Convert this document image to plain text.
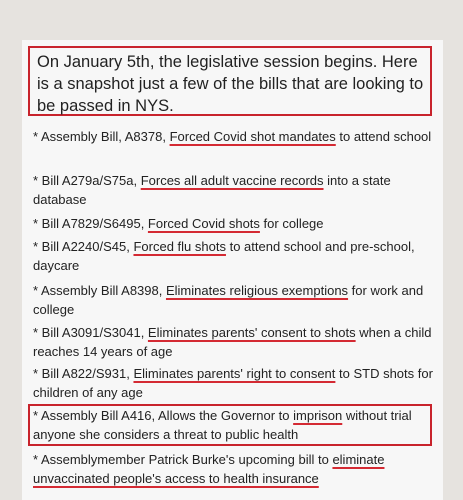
On January 5th, the legislative session begins. Here is a snapshot just a few of the bills that are looking to be passed in NYS.
* Assembly Bill, A8378, Forced Covid shot mandates to attend school
* Bill A279a/S75a, Forces all adult vaccine records into a state database
* Bill A7829/S6495, Forced Covid shots for college
* Bill A2240/S45, Forced flu shots to attend school and pre-school, daycare
* Assembly Bill A8398, Eliminates religious exemptions for work and college
* Bill A3091/S3041, Eliminates parents' consent to shots when a child reaches 14 years of age
* Bill A822/S931, Eliminates parents' right to consent to STD shots for children of any age
* Assembly Bill A416, Allows the Governor to imprison without trial anyone she considers a threat to public health
* Assemblymember Patrick Burke's upcoming bill to eliminate unvaccinated people's access to health insurance
